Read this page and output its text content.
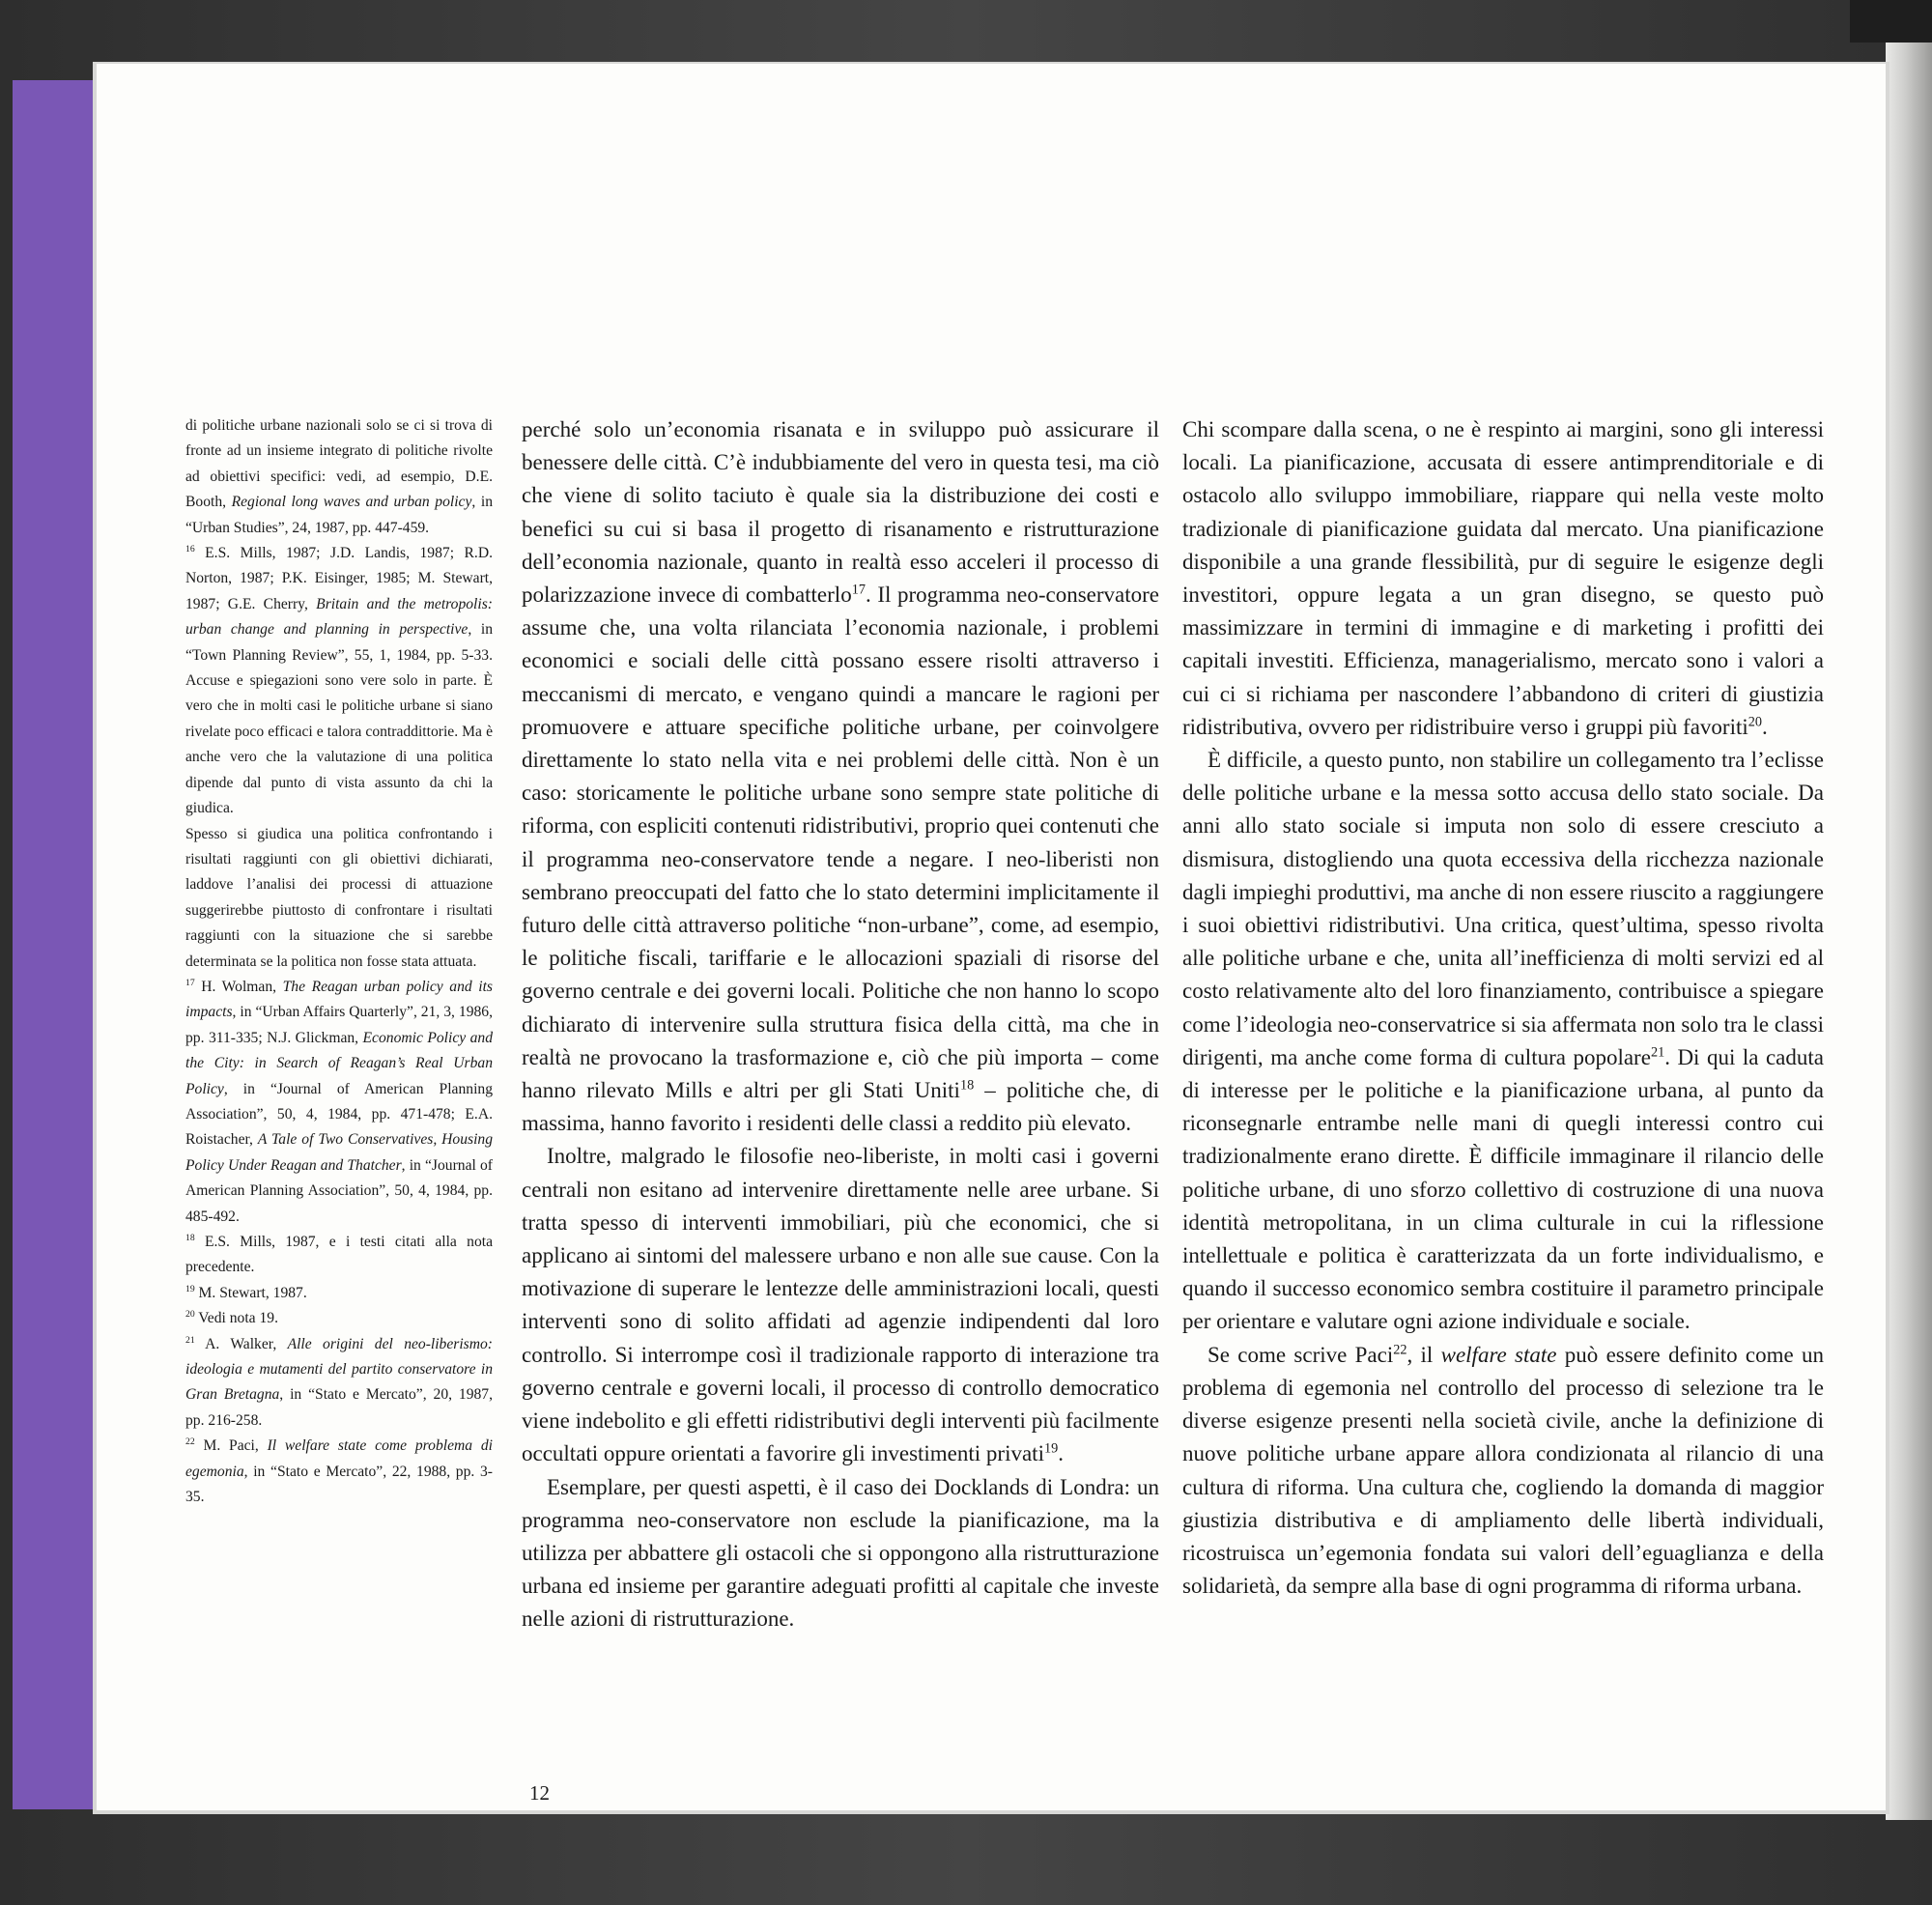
di politiche urbane nazionali solo se ci si trova di fronte ad un insieme integrato di politiche rivolte ad obiettivi specifici: vedi, ad esempio, D.E. Booth, Regional long waves and urban policy, in “Urban Studies”, 24, 1987, pp. 447-459.

$^{16}$ E.S. Mills, 1987; J.D. Landis, 1987; R.D. Norton, 1987; P.K. Eisinger, 1985; M. Stewart, 1987; G.E. Cherry, Britain and the metropolis: urban change and planning in perspective, in “Town Planning Review”, 55, 1, 1984, pp. 5-33. Accuse e spiegazioni sono vere solo in parte. È vero che in molti casi le politiche urbane si siano rivelate poco efficaci e talora contraddittorie. Ma è anche vero che la valutazione di una politica dipende dal punto di vista assunto da chi la giudica.

Spesso si giudica una politica confrontando i risultati raggiunti con gli obiettivi dichiarati, laddove l’analisi dei processi di attuazione suggerirebbe piuttosto di confrontare i risultati raggiunti con la situazione che si sarebbe determinata se la politica non fosse stata attuata.

$^{17}$ H. Wolman, The Reagan urban policy and its impacts, in “Urban Affairs Quarterly”, 21, 3, 1986, pp. 311-335; N.J. Glickman, Economic Policy and the City: in Search of Reagan’s Real Urban Policy, in “Journal of American Planning Association”, 50, 4, 1984, pp. 471-478; E.A. Roistacher, A Tale of Two Conservatives, Housing Policy Under Reagan and Thatcher, in “Journal of American Planning Association”, 50, 4, 1984, pp. 485-492.

$^{18}$ E.S. Mills, 1987, e i testi citati alla nota precedente.

$^{19}$ M. Stewart, 1987.

$^{20}$ Vedi nota 19.

$^{21}$ A. Walker, Alle origini del neo-liberismo: ideologia e mutamenti del partito conservatore in Gran Bretagna, in “Stato e Mercato”, 20, 1987, pp. 216-258.

$^{22}$ M. Paci, Il welfare state come problema di egemonia, in “Stato e Mercato”, 22, 1988, pp. 3-35.

perché solo un’economia risanata e in sviluppo può assicurare il benessere delle città. C’è indubbiamente del vero in questa tesi, ma ciò che viene di solito taciuto è quale sia la distribuzione dei costi e benefici su cui si basa il progetto di risanamento e ristrutturazione dell’economia nazionale, quanto in realtà esso acceleri il processo di polarizzazione invece di combatterlo$^{17}$. Il programma neo-conservatore assume che, una volta rilanciata l’economia nazionale, i problemi economici e sociali delle città possano essere risolti attraverso i meccanismi di mercato, e vengano quindi a mancare le ragioni per promuovere e attuare specifiche politiche urbane, per coinvolgere direttamente lo stato nella vita e nei problemi delle città. Non è un caso: storicamente le politiche urbane sono sempre state politiche di riforma, con espliciti contenuti ridistributivi, proprio quei contenuti che il programma neo-conservatore tende a negare. I neo-liberisti non sembrano preoccupati del fatto che lo stato determini implicitamente il futuro delle città attraverso politiche “non-urbane”, come, ad esempio, le politiche fiscali, tariffarie e le allocazioni spaziali di risorse del governo centrale e dei governi locali. Politiche che non hanno lo scopo dichiarato di intervenire sulla struttura fisica della città, ma che in realtà ne provocano la trasformazione e, ciò che più importa – come hanno rilevato Mills e altri per gli Stati Uniti$^{18}$ – politiche che, di massima, hanno favorito i residenti delle classi a reddito più elevato.

Inoltre, malgrado le filosofie neo-liberiste, in molti casi i governi centrali non esitano ad intervenire direttamente nelle aree urbane. Si tratta spesso di interventi immobiliari, più che economici, che si applicano ai sintomi del malessere urbano e non alle sue cause. Con la motivazione di superare le lentezze delle amministrazioni locali, questi interventi sono di solito affidati ad agenzie indipendenti dal loro controllo. Si interrompe così il tradizionale rapporto di interazione tra governo centrale e governi locali, il processo di controllo democratico viene indebolito e gli effetti ridistributivi degli interventi più facilmente occultati oppure orientati a favorire gli investimenti privati$^{19}$.

Esemplare, per questi aspetti, è il caso dei Docklands di Londra: un programma neo-conservatore non esclude la pianificazione, ma la utilizza per abbattere gli ostacoli che si oppongono alla ristrutturazione urbana ed insieme per garantire adeguati profitti al capitale che investe nelle azioni di ristrutturazione.

Chi scompare dalla scena, o ne è respinto ai margini, sono gli interessi locali. La pianificazione, accusata di essere antimprenditoriale e di ostacolo allo sviluppo immobiliare, riappare qui nella veste molto tradizionale di pianificazione guidata dal mercato. Una pianificazione disponibile a una grande flessibilità, pur di seguire le esigenze degli investitori, oppure legata a un gran disegno, se questo può massimizzare in termini di immagine e di marketing i profitti dei capitali investiti. Efficienza, managerialismo, mercato sono i valori a cui ci si richiama per nascondere l’abbandono di criteri di giustizia ridistributiva, ovvero per ridistribuire verso i gruppi più favoriti$^{20}$.

È difficile, a questo punto, non stabilire un collegamento tra l’eclisse delle politiche urbane e la messa sotto accusa dello stato sociale. Da anni allo stato sociale si imputa non solo di essere cresciuto a dismisura, distogliendo una quota eccessiva della ricchezza nazionale dagli impieghi produttivi, ma anche di non essere riuscito a raggiungere i suoi obiettivi ridistributivi. Una critica, quest’ultima, spesso rivolta alle politiche urbane e che, unita all’inefficienza di molti servizi ed al costo relativamente alto del loro finanziamento, contribuisce a spiegare come l’ideologia neo-conservatrice si sia affermata non solo tra le classi dirigenti, ma anche come forma di cultura popolare$^{21}$. Di qui la caduta di interesse per le politiche e la pianificazione urbana, al punto da riconsegnarle entrambe nelle mani di quegli interessi contro cui tradizionalmente erano dirette. È difficile immaginare il rilancio delle politiche urbane, di uno sforzo collettivo di costruzione di una nuova identità metropolitana, in un clima culturale in cui la riflessione intellettuale e politica è caratterizzata da un forte individualismo, e quando il successo economico sembra costituire il parametro principale per orientare e valutare ogni azione individuale e sociale.

Se come scrive Paci$^{22}$, il welfare state può essere definito come un problema di egemonia nel controllo del processo di selezione tra le diverse esigenze presenti nella società civile, anche la definizione di nuove politiche urbane appare allora condizionata al rilancio di una cultura di riforma. Una cultura che, cogliendo la domanda di maggior giustizia distributiva e di ampliamento delle libertà individuali, ricostruisca un’egemonia fondata sui valori dell’eguaglianza e della solidarietà, da sempre alla base di ogni programma di riforma urbana.

12
